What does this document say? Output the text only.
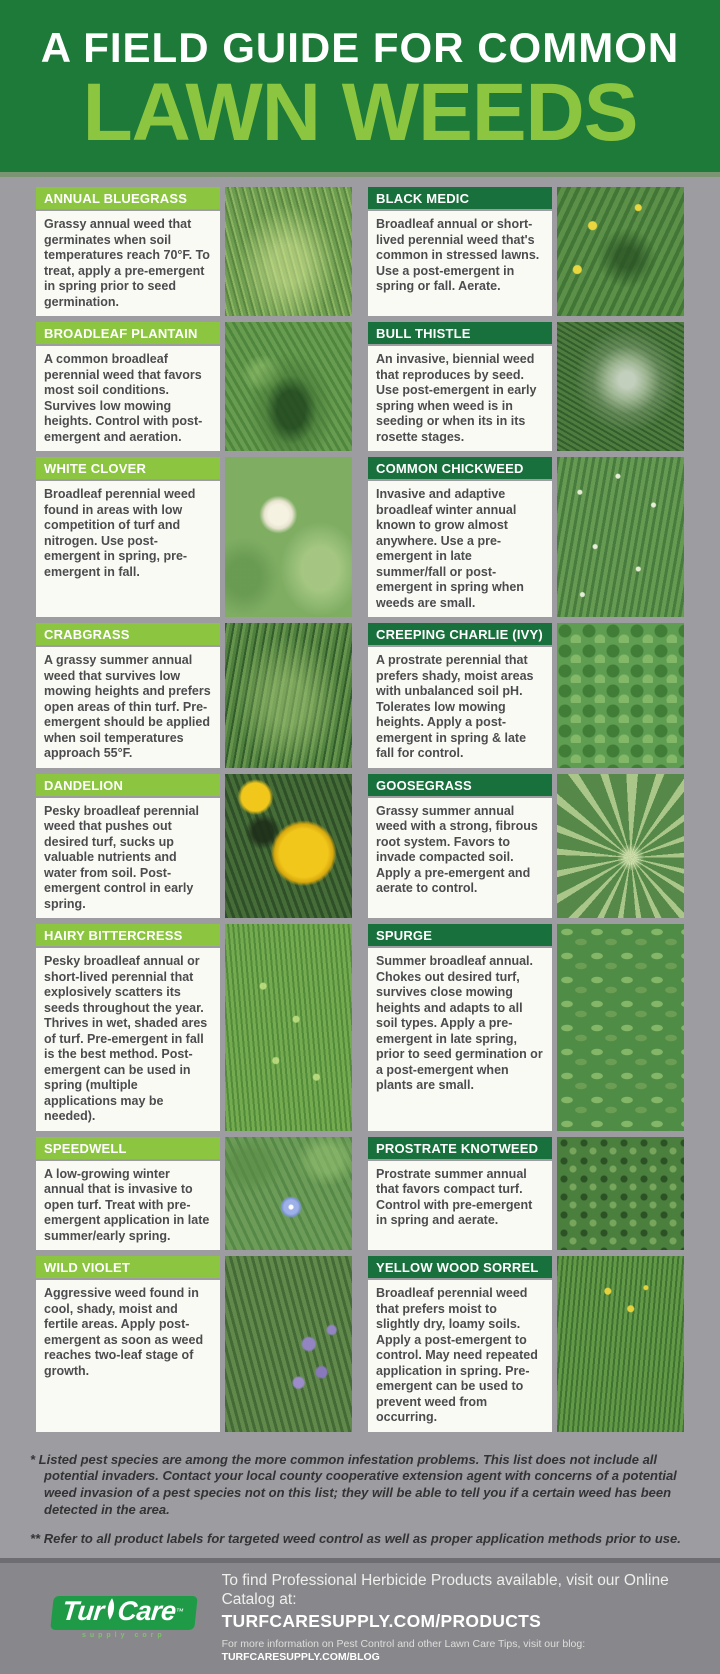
A FIELD GUIDE FOR COMMON
LAWN WEEDS
ANNUAL BLUEGRASS
Grassy annual weed that germinates when soil temperatures reach 70°F. To treat, apply a pre-emergent in spring prior to seed germination.
BLACK MEDIC
Broadleaf annual or short-lived perennial weed that's common in stressed lawns. Use a post-emergent in spring or fall. Aerate.
BROADLEAF PLANTAIN
A common broadleaf perennial weed that favors most soil conditions. Survives low mowing heights. Control with post-emergent and aeration.
BULL THISTLE
An invasive, biennial weed that reproduces by seed. Use post-emergent in early spring when weed is in seeding or when its in its rosette stages.
WHITE CLOVER
Broadleaf perennial weed found in areas with low competition of turf and nitrogen. Use post-emergent in spring, pre-emergent in fall.
COMMON CHICKWEED
Invasive and adaptive broadleaf winter annual known to grow almost anywhere. Use a pre-emergent in late summer/fall or post-emergent in spring when weeds are small.
CRABGRASS
A grassy summer annual weed that survives low mowing heights and prefers open areas of thin turf. Pre-emergent should be applied when soil temperatures approach 55°F.
CREEPING CHARLIE (IVY)
A prostrate perennial that prefers shady, moist areas with unbalanced soil pH. Tolerates low mowing heights. Apply a post-emergent in spring & late fall for control.
DANDELION
Pesky broadleaf perennial weed that pushes out desired turf, sucks up valuable nutrients and water from soil. Post-emergent control in early spring.
GOOSEGRASS
Grassy summer annual weed with a strong, fibrous root system. Favors to invade compacted soil. Apply a pre-emergent and aerate to control.
HAIRY BITTERCRESS
Pesky broadleaf annual or short-lived perennial that explosively scatters its seeds throughout the year. Thrives in wet, shaded ares of turf. Pre-emergent in fall is the best method. Post-emergent can be used in spring (multiple applications may be needed).
SPURGE
Summer broadleaf annual. Chokes out desired turf, survives close mowing heights and adapts to all soil types. Apply a pre-emergent in late spring, prior to seed germination or a post-emergent when plants are small.
SPEEDWELL
A low-growing winter annual that is invasive to open turf. Treat with pre-emergent application in late summer/early spring.
PROSTRATE KNOTWEED
Prostrate summer annual that favors compact turf. Control with pre-emergent in spring and aerate.
WILD VIOLET
Aggressive weed found in cool, shady, moist and fertile areas. Apply post-emergent as soon as weed reaches two-leaf stage of growth.
YELLOW WOOD SORREL
Broadleaf perennial weed that prefers moist to slightly dry, loamy soils. Apply a post-emergent to control. May need repeated application in spring. Pre-emergent can be used to prevent weed from occurring.
* Listed pest species are among the more common infestation problems. This list does not include all potential invaders. Contact your local county cooperative extension agent with concerns of a potential weed invasion of a pest species not on this list; they will be able to tell you if a certain weed has been detected in the area.
** Refer to all product labels for targeted weed control as well as proper application methods prior to use.
Tur Care
™
supply corp
To find Professional Herbicide Products available, visit our Online Catalog at:
TURFCARESUPPLY.COM/PRODUCTS
For more information on Pest Control and other Lawn Care Tips, visit our blog: TURFCARESUPPLY.COM/BLOG
